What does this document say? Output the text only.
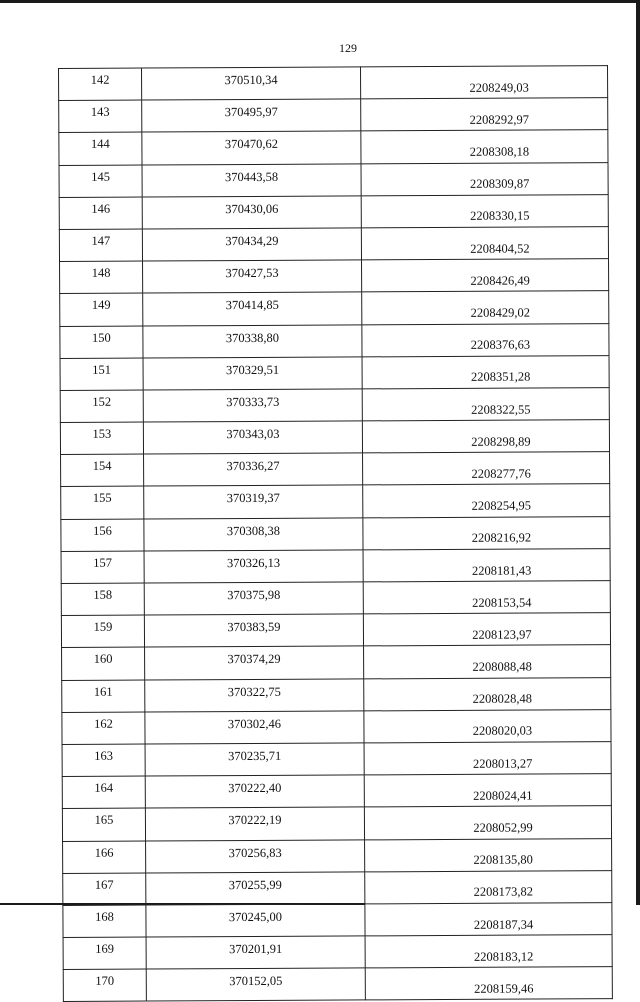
129
142	370510,34	2208249,03
143	370495,97	2208292,97
144	370470,62	2208308,18
145	370443,58	2208309,87
146	370430,06	2208330,15
147	370434,29	2208404,52
148	370427,53	2208426,49
149	370414,85	2208429,02
150	370338,80	2208376,63
151	370329,51	2208351,28
152	370333,73	2208322,55
153	370343,03	2208298,89
154	370336,27	2208277,76
155	370319,37	2208254,95
156	370308,38	2208216,92
157	370326,13	2208181,43
158	370375,98	2208153,54
159	370383,59	2208123,97
160	370374,29	2208088,48
161	370322,75	2208028,48
162	370302,46	2208020,03
163	370235,71	2208013,27
164	370222,40	2208024,41
165	370222,19	2208052,99
166	370256,83	2208135,80
167	370255,99	2208173,82
168	370245,00	2208187,34
169	370201,91	2208183,12
170	370152,05	2208159,46
